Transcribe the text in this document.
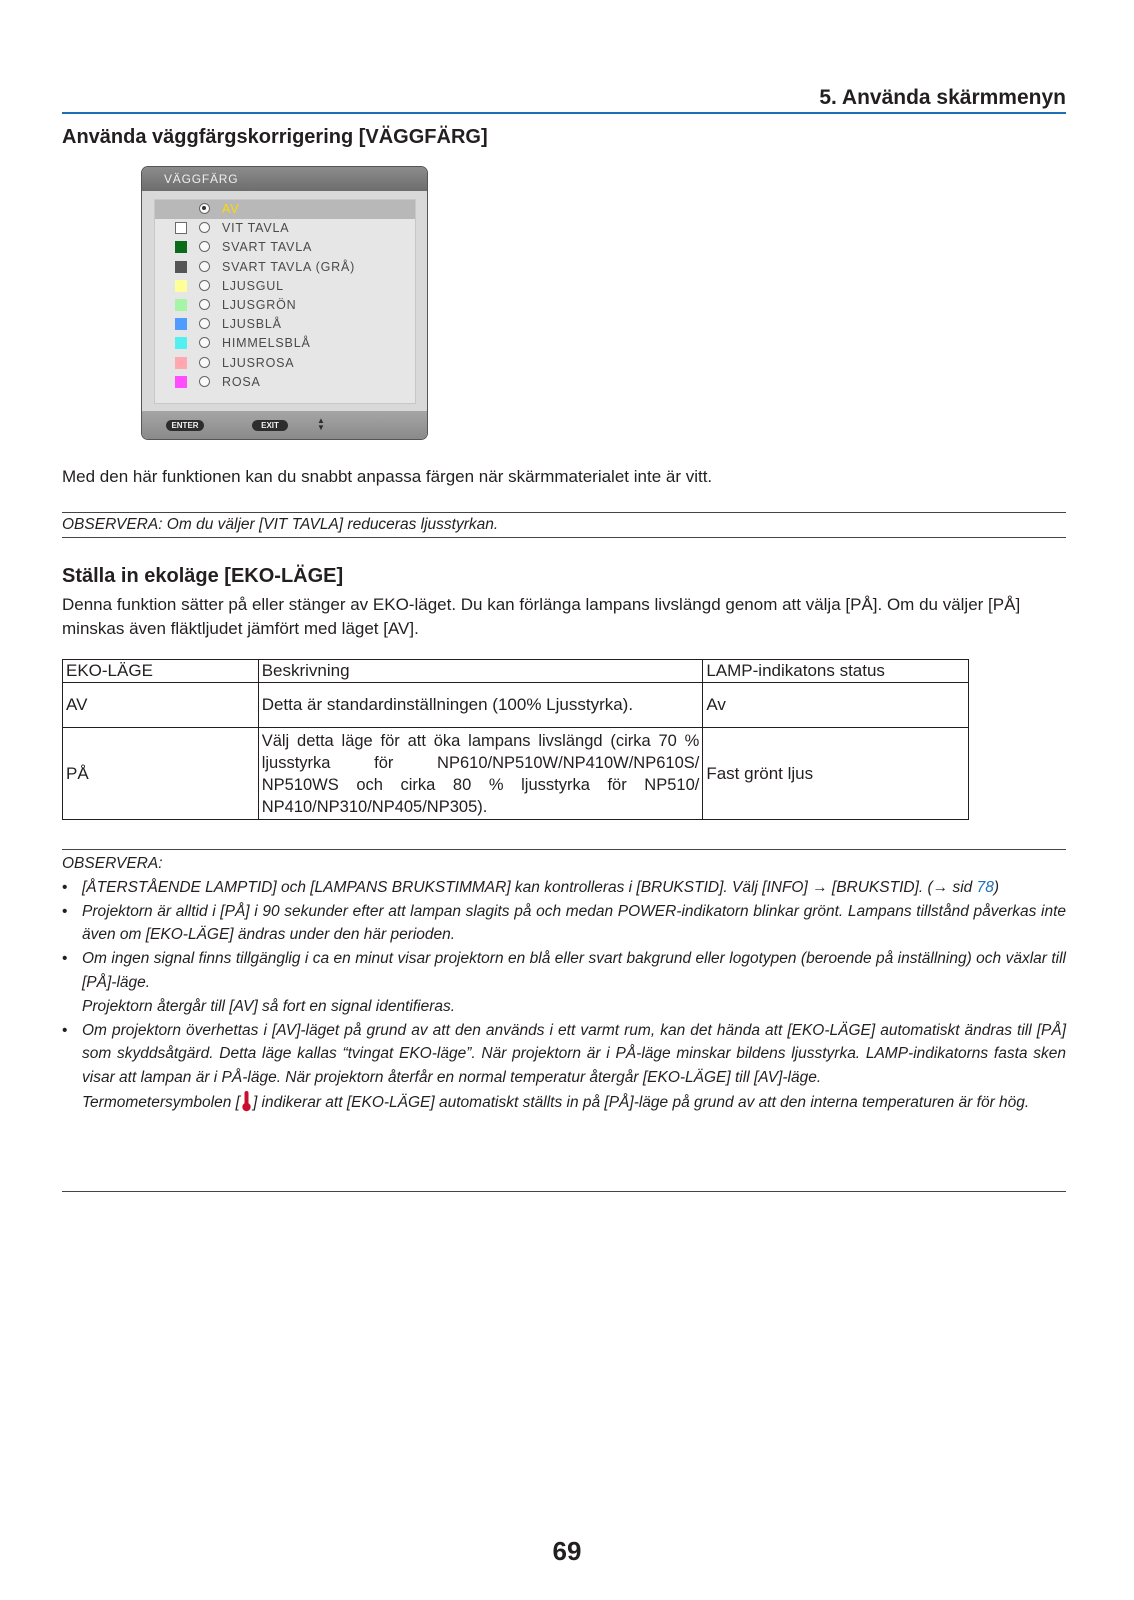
5. Använda skärmmenyn
Använda väggfärgskorrigering [VÄGGFÄRG]
VÄGGFÄRG
AV
VIT TAVLA
SVART TAVLA
SVART TAVLA (GRÅ)
LJUSGUL
LJUSGRÖN
LJUSBLÅ
HIMMELSBLÅ
LJUSROSA
ROSA
ENTER	EXIT
▲
▼
Med den här funktionen kan du snabbt anpassa färgen när skärmmaterialet inte är vitt.
OBSERVERA: Om du väljer [VIT TAVLA] reduceras ljusstyrkan.
Ställa in ekoläge [EKO-LÄGE]
Denna funktion sätter på eller stänger av EKO-läget. Du kan förlänga lampans livslängd genom att välja [PÅ]. Om du väljer [PÅ] minskas även fläktljudet jämfört med läget [AV].
EKO-LÄGE	Beskrivning	LAMP-indikatons status
AV	Detta är standardinställningen (100% Ljusstyrka).	Av
PÅ	Välj detta läge för att öka lampans livslängd (cirka 70 % ljusstyrka för NP610/NP510W/NP410W/NP610S/ NP510WS och cirka 80 % ljusstyrka för NP510/ NP410/NP310/NP405/NP305).	Fast grönt ljus
OBSERVERA:
• [ÅTERSTÅENDE LAMPTID] och [LAMPANS BRUKSTIMMAR] kan kontrolleras i [BRUKSTID]. Välj [INFO] → [BRUKSTID]. (→ sid 78)
• Projektorn är alltid i [PÅ] i 90 sekunder efter att lampan slagits på och medan POWER-indikatorn blinkar grönt. Lampans tillstånd påverkas inte även om [EKO-LÄGE] ändras under den här perioden.
• Om ingen signal finns tillgänglig i ca en minut visar projektorn en blå eller svart bakgrund eller logotypen (beroende på inställning) och växlar till [PÅ]-läge.
Projektorn återgår till [AV] så fort en signal identifieras.
• Om projektorn överhettas i [AV]-läget på grund av att den används i ett varmt rum, kan det hända att [EKO-LÄGE] automatiskt ändras till [PÅ] som skyddsåtgärd. Detta läge kallas “tvingat EKO-läge”. När projektorn är i PÅ-läge minskar bildens ljusstyrka. LAMP-indikatorns fasta sken visar att lampan är i PÅ-läge. När projektorn återfår en normal temperatur återgår [EKO-LÄGE] till [AV]-läge.
Termometersymbolen [ ] indikerar att [EKO-LÄGE] automatiskt ställts in på [PÅ]-läge på grund av att den interna temperaturen är för hög.
69
